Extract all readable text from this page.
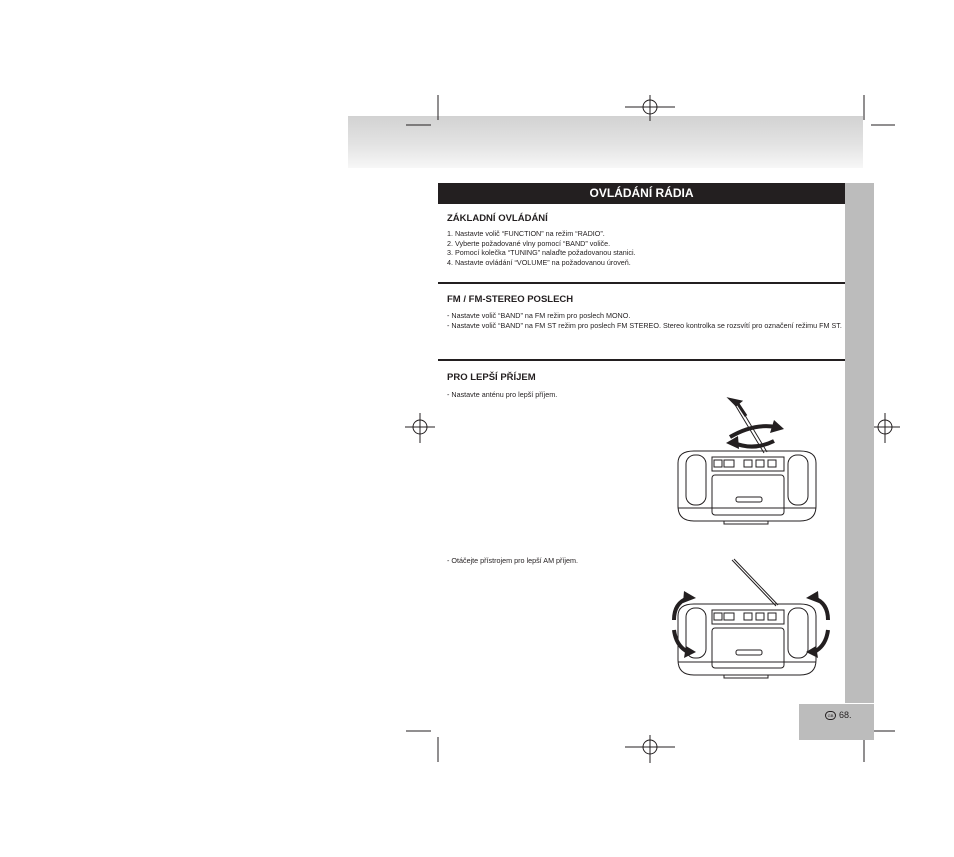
GB 68.
OVLÁDÁNÍ RÁDIA
ZÁKLADNÍ OVLÁDÁNÍ
1. Nastavte volič “FUNCTION” na režim “RADIO”.
2. Vyberte požadované vlny pomocí “BAND” voliče.
3. Pomocí kolečka “TUNING” nalaďte požadovanou stanici.
4. Nastavte ovládání “VOLUME” na požadovanou úroveň.
FM / FM-STEREO POSLECH
- Nastavte volič “BAND” na FM režim pro poslech MONO.
- Nastavte volič “BAND” na FM ST režim pro poslech FM STEREO. Stereo kontrolka se rozsvítí pro označení režimu FM ST.
PRO LEPŠÍ PŘÍJEM
- Nastavte anténu pro lepší příjem.
- Otáčejte přístrojem pro lepší AM příjem.
